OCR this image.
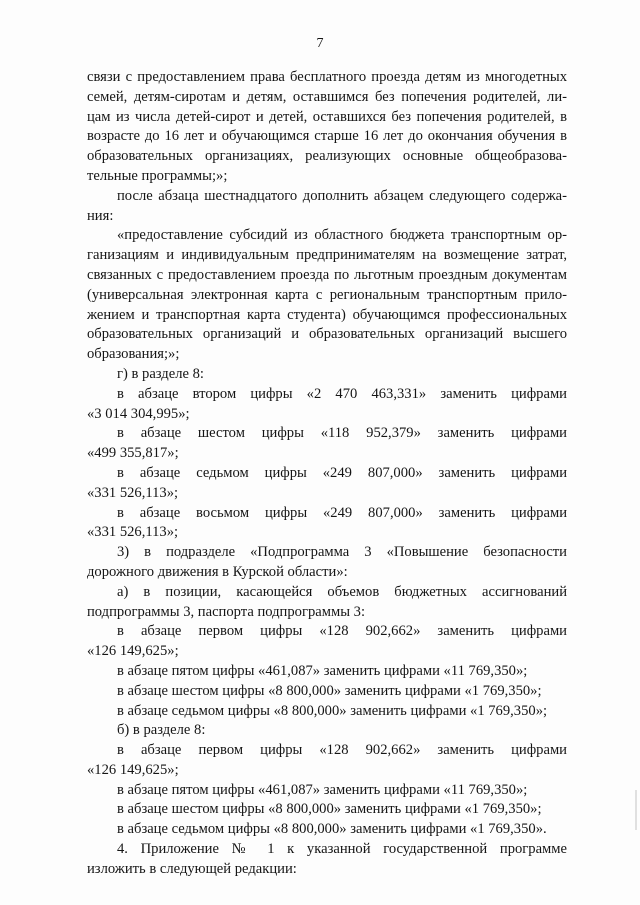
7
связи с предоставлением права бесплатного проезда детям из многодетных
семей, детям-сиротам и детям, оставшимся без попечения родителей, ли-
цам из числа детей-сирот и детей, оставшихся без попечения родителей, в
возрасте до 16 лет и обучающимся старше 16 лет до окончания обучения в
образовательных организациях, реализующих основные общеобразова-
тельные программы;»;
после абзаца шестнадцатого дополнить абзацем следующего содержа-
ния:
«предоставление субсидий из областного бюджета транспортным ор-
ганизациям и индивидуальным предпринимателям на возмещение затрат,
связанных с предоставлением проезда по льготным проездным документам
(универсальная электронная карта с региональным транспортным прило-
жением и транспортная карта студента) обучающимся профессиональных
образовательных организаций и образовательных организаций высшего
образования;»;
г) в разделе 8:
в абзаце втором цифры «2 470 463,331» заменить цифрами
«3 014 304,995»;
в абзаце шестом цифры «118 952,379» заменить цифрами
«499 355,817»;
в абзаце седьмом цифры «249 807,000» заменить цифрами
«331 526,113»;
в абзаце восьмом цифры «249 807,000» заменить цифрами
«331 526,113»;
3) в подразделе «Подпрограмма 3 «Повышение безопасности
дорожного движения в Курской области»:
а) в позиции, касающейся объемов бюджетных ассигнований
подпрограммы 3, паспорта подпрограммы 3:
в абзаце первом цифры «128 902,662» заменить цифрами
«126 149,625»;
в абзаце пятом цифры «461,087» заменить цифрами «11 769,350»;
в абзаце шестом цифры «8 800,000» заменить цифрами «1 769,350»;
в абзаце седьмом цифры «8 800,000» заменить цифрами «1 769,350»;
б) в разделе 8:
в абзаце первом цифры «128 902,662» заменить цифрами
«126 149,625»;
в абзаце пятом цифры «461,087» заменить цифрами «11 769,350»;
в абзаце шестом цифры «8 800,000» заменить цифрами «1 769,350»;
в абзаце седьмом цифры «8 800,000» заменить цифрами «1 769,350».
4. Приложение № 1 к указанной государственной программе
изложить в следующей редакции:
